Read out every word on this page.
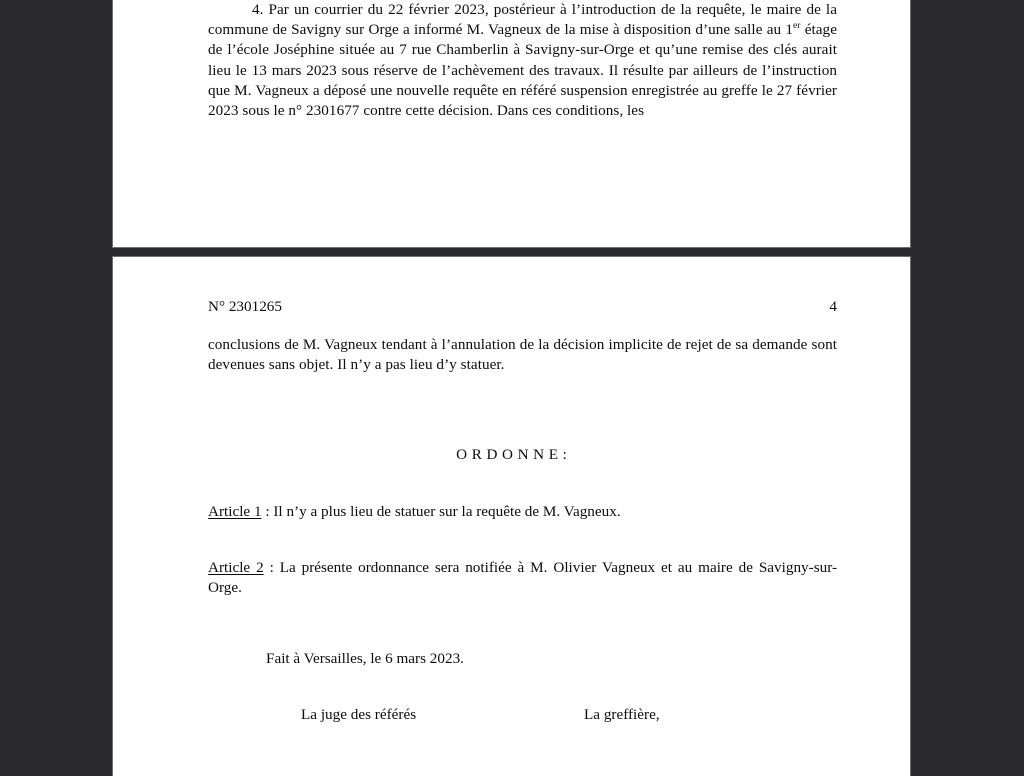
4. Par un courrier du 22 février 2023, postérieur à l’introduction de la requête, le maire de la commune de Savigny sur Orge a informé M. Vagneux de la mise à disposition d’une salle au 1er étage de l’école Joséphine située au 7 rue Chamberlin à Savigny-sur-Orge et qu’une remise des clés aurait lieu le 13 mars 2023 sous réserve de l’achèvement des travaux. Il résulte par ailleurs de l’instruction que M. Vagneux a déposé une nouvelle requête en référé suspension enregistrée au greffe le 27 février 2023 sous le n° 2301677 contre cette décision. Dans ces conditions, les
N° 2301265	4
conclusions de M. Vagneux tendant à l’annulation de la décision implicite de rejet de sa demande sont devenues sans objet. Il n’y a pas lieu d’y statuer.
ORDONNE:
Article 1 : Il n’y a plus lieu de statuer sur la requête de M. Vagneux.
Article 2 : La présente ordonnance sera notifiée à M. Olivier Vagneux et au maire de Savigny-sur-Orge.
Fait à Versailles, le 6 mars 2023.
La juge des référés	La greffière,
